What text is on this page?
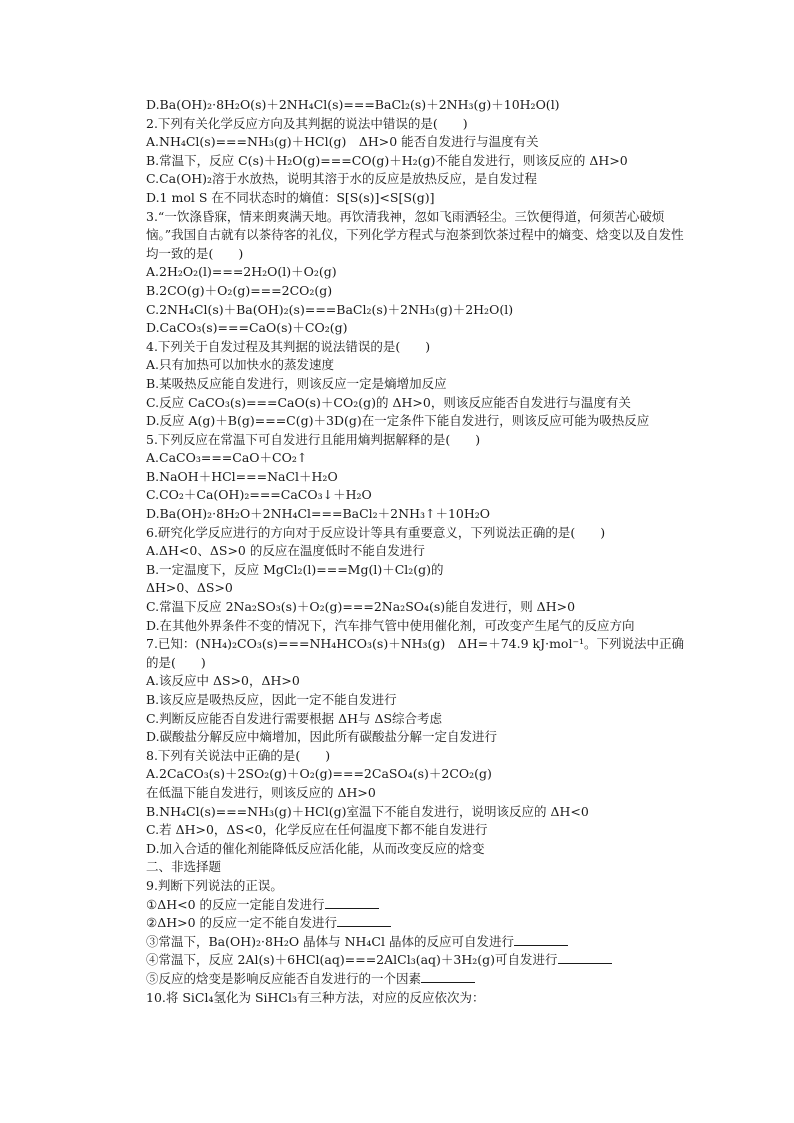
D.Ba(OH)₂·8H₂O(s)＋2NH₄Cl(s)===BaCl₂(s)＋2NH₃(g)＋10H₂O(l)
2.下列有关化学反应方向及其判据的说法中错误的是(　　)
A.NH₄Cl(s)===NH₃(g)＋HCl(g)　ΔH>0 能否自发进行与温度有关
B.常温下，反应 C(s)＋H₂O(g)===CO(g)＋H₂(g)不能自发进行，则该反应的 ΔH>0
C.Ca(OH)₂溶于水放热，说明其溶于水的反应是放热反应，是自发过程
D.1 mol S 在不同状态时的熵值：S[S(s)]<S[S(g)]
3.“一饮涤昏寐，情来朗爽满天地。再饮清我神，忽如飞雨洒轻尘。三饮便得道，何须苦心破烦恼。”我国自古就有以茶待客的礼仪，下列化学方程式与泡茶到饮茶过程中的熵变、焓变以及自发性均一致的是(　　)
A.2H₂O₂(l)===2H₂O(l)＋O₂(g)
B.2CO(g)＋O₂(g)===2CO₂(g)
C.2NH₄Cl(s)＋Ba(OH)₂(s)===BaCl₂(s)＋2NH₃(g)＋2H₂O(l)
D.CaCO₃(s)===CaO(s)＋CO₂(g)
4.下列关于自发过程及其判据的说法错误的是(　　)
A.只有加热可以加快水的蒸发速度
B.某吸热反应能自发进行，则该反应一定是熵增加反应
C.反应 CaCO₃(s)===CaO(s)＋CO₂(g)的 ΔH>0，则该反应能否自发进行与温度有关
D.反应 A(g)＋B(g)===C(g)＋3D(g)在一定条件下能自发进行，则该反应可能为吸热反应
5.下列反应在常温下可自发进行且能用熵判据解释的是(　　)
A.CaCO₃===CaO＋CO₂↑
B.NaOH＋HCl===NaCl＋H₂O
C.CO₂＋Ca(OH)₂===CaCO₃↓＋H₂O
D.Ba(OH)₂·8H₂O＋2NH₄Cl===BaCl₂＋2NH₃↑＋10H₂O
6.研究化学反应进行的方向对于反应设计等具有重要意义，下列说法正确的是(　　)
A.ΔH<0、ΔS>0 的反应在温度低时不能自发进行
B.一定温度下，反应 MgCl₂(l)===Mg(l)＋Cl₂(g)的
ΔH>0、ΔS>0
C.常温下反应 2Na₂SO₃(s)＋O₂(g)===2Na₂SO₄(s)能自发进行，则 ΔH>0
D.在其他外界条件不变的情况下，汽车排气管中使用催化剂，可改变产生尾气的反应方向
7.已知：(NH₄)₂CO₃(s)===NH₄HCO₃(s)＋NH₃(g)　ΔH=＋74.9 kJ·mol⁻¹。下列说法中正确的是(　　)
A.该反应中 ΔS>0，ΔH>0
B.该反应是吸热反应，因此一定不能自发进行
C.判断反应能否自发进行需要根据 ΔH与 ΔS综合考虑
D.碳酸盐分解反应中熵增加，因此所有碳酸盐分解一定自发进行
8.下列有关说法中正确的是(　　)
A.2CaCO₃(s)＋2SO₂(g)＋O₂(g)===2CaSO₄(s)＋2CO₂(g)
在低温下能自发进行，则该反应的 ΔH>0
B.NH₄Cl(s)===NH₃(g)＋HCl(g)室温下不能自发进行，说明该反应的 ΔH<0
C.若 ΔH>0，ΔS<0，化学反应在任何温度下都不能自发进行
D.加入合适的催化剂能降低反应活化能，从而改变反应的焓变
二、非选择题
9.判断下列说法的正误。
①ΔH<0 的反应一定能自发进行
②ΔH>0 的反应一定不能自发进行
③常温下，Ba(OH)₂·8H₂O 晶体与 NH₄Cl 晶体的反应可自发进行
④常温下，反应 2Al(s)＋6HCl(aq)===2AlCl₃(aq)＋3H₂(g)可自发进行
⑤反应的焓变是影响反应能否自发进行的一个因素
10.将 SiCl₄氢化为 SiHCl₃有三种方法，对应的反应依次为：
